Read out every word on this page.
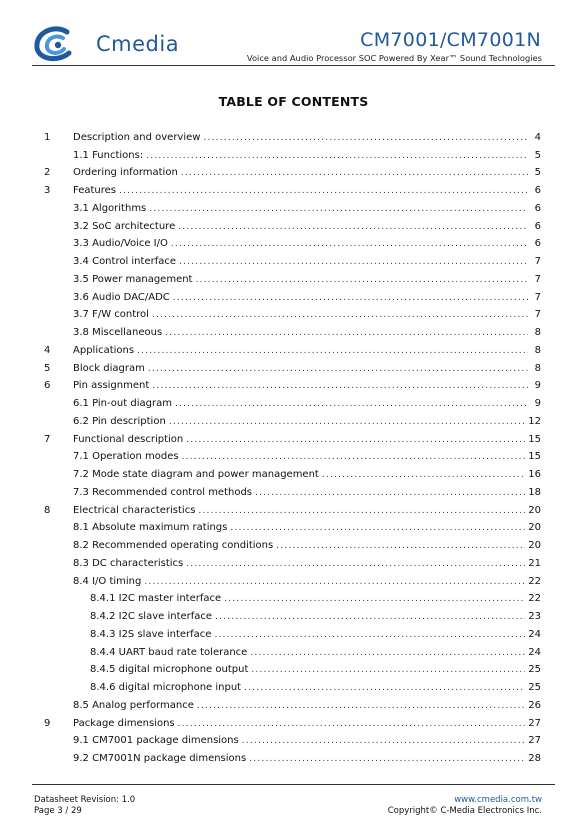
Cmedia	CM7001/CM7001N
Voice and Audio Processor SOC Powered By Xear™ Sound Technologies
TABLE OF CONTENTS
1	Description and overview .....	4
1.1 Functions: .....	5
2	Ordering information .....	5
3	Features .....	6
3.1 Algorithms .....	6
3.2 SoC architecture .....	6
3.3 Audio/Voice I/O .....	6
3.4 Control interface .....	7
3.5 Power management .....	7
3.6 Audio DAC/ADC .....	7
3.7 F/W control .....	7
3.8 Miscellaneous .....	8
4	Applications .....	8
5	Block diagram .....	8
6	Pin assignment .....	9
6.1 Pin-out diagram .....	9
6.2 Pin description .....	12
7	Functional description .....	15
7.1 Operation modes .....	15
7.2 Mode state diagram and power management .....	16
7.3 Recommended control methods .....	18
8	Electrical characteristics .....	20
8.1 Absolute maximum ratings .....	20
8.2 Recommended operating conditions .....	20
8.3 DC characteristics .....	21
8.4 I/O timing .....	22
8.4.1 I2C master interface .....	22
8.4.2 I2C slave interface .....	23
8.4.3 I2S slave interface .....	24
8.4.4 UART baud rate tolerance .....	24
8.4.5 digital microphone output .....	25
8.4.6 digital microphone input .....	25
8.5 Analog performance .....	26
9	Package dimensions .....	27
9.1 CM7001 package dimensions .....	27
9.2 CM7001N package dimensions .....	28
Datasheet Revision: 1.0
Page 3 / 29
www.cmedia.com.tw
Copyright© C-Media Electronics Inc.
